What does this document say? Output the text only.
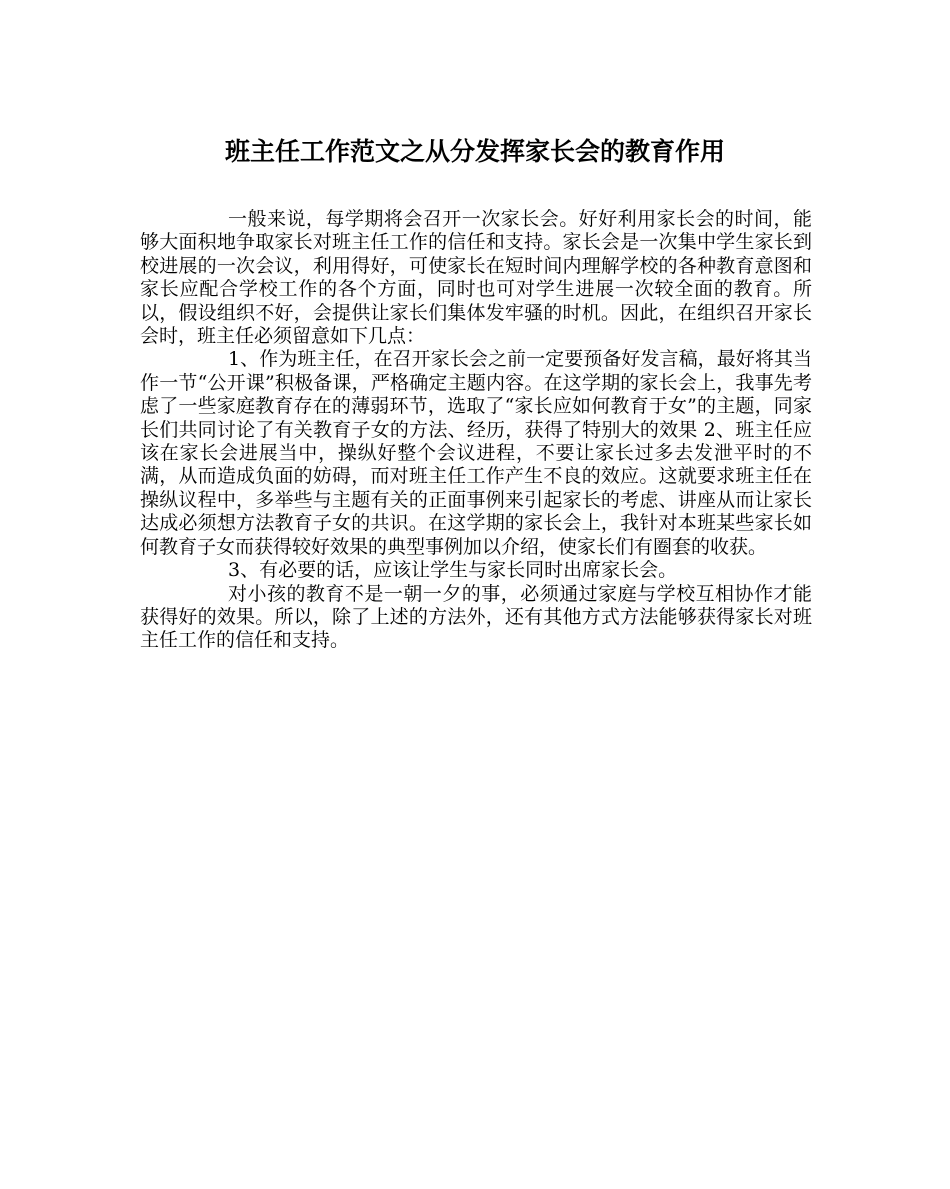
班主任工作范文之从分发挥家长会的教育作用

一般来说，每学期将会召开一次家长会。好好利用家长会的时间，能够大面积地争取家长对班主任工作的信任和支持。家长会是一次集中学生家长到校进展的一次会议，利用得好，可使家长在短时间内理解学校的各种教育意图和家长应配合学校工作的各个方面，同时也可对学生进展一次较全面的教育。所以，假设组织不好，会提供让家长们集体发牢骚的时机。因此，在组织召开家长会时，班主任必须留意如下几点：

1、作为班主任，在召开家长会之前一定要预备好发言稿，最好将其当作一节“公开课”积极备课，严格确定主题内容。在这学期的家长会上，我事先考虑了一些家庭教育存在的薄弱环节，选取了“家长应如何教育于女”的主题，同家长们共同讨论了有关教育子女的方法、经历，获得了特别大的效果 2、班主任应该在家长会进展当中，操纵好整个会议进程，不要让家长过多去发泄平时的不满，从而造成负面的妨碍，而对班主任工作产生不良的效应。这就要求班主任在操纵议程中，多举些与主题有关的正面事例来引起家长的考虑、讲座从而让家长达成必须想方法教育子女的共识。在这学期的家长会上，我针对本班某些家长如何教育子女而获得较好效果的典型事例加以介绍，使家长们有圈套的收获。

3、有必要的话，应该让学生与家长同时出席家长会。

对小孩的教育不是一朝一夕的事，必须通过家庭与学校互相协作才能获得好的效果。所以，除了上述的方法外，还有其他方式方法能够获得家长对班主任工作的信任和支持。
